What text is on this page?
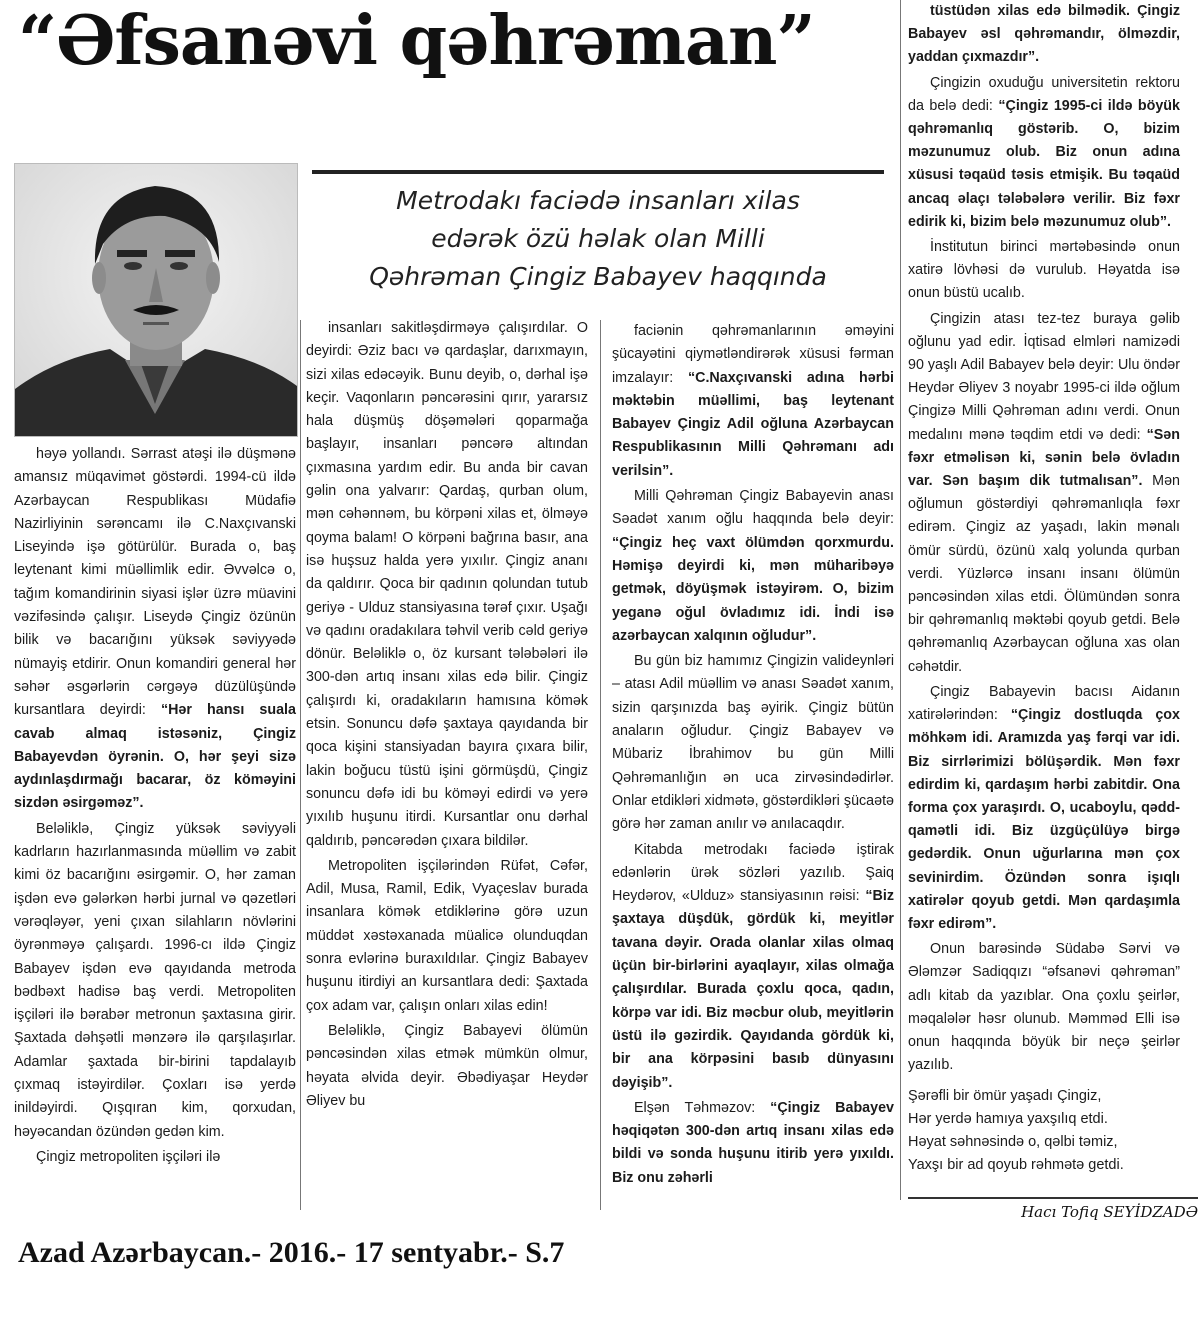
“Əfsanəvi qəhrəman”
Metrodakı faciədə insanları xilas
edərək özü həlak olan Milli
Qəhrəman Çingiz Babayev haqqında

həyə yollandı. Sərrast atəşi ilə düşmənə amansız müqavimət göstərdi. 1994-cü ildə Azərbaycan Respublikası Müdafiə Nazirliyinin sərəncamı ilə C.Naxçıvanski Liseyində işə götürülür. Burada o, baş leytenant kimi müəllimlik edir. Əvvəlcə o, tağım komandirinin siyasi işlər üzrə müavini vəzifəsində çalışır. Liseydə Çingiz özünün bilik və bacarığını yüksək səviyyədə nümayiş etdirir. Onun komandiri general hər səhər əsgərlərin cərgəyə düzülüşündə kursantlara deyirdi: “Hər hansı suala cavab almaq istəsəniz, Çingiz Babayevdən öyrənin. O, hər şeyi sizə aydınlaşdırmağı bacarar, öz köməyini sizdən əsirgəməz”.

Beləliklə, Çingiz yüksək səviyyəli kadrların hazırlanmasında müəllim və zabit kimi öz bacarığını əsirgəmir. O, hər zaman işdən evə gələrkən hərbi jurnal və qəzetləri vərəqləyər, yeni çıxan silahların növlərini öyrənməyə çalışardı. 1996-cı ildə Çingiz Babayev işdən evə qayıdanda metroda bədbəxt hadisə baş verdi. Metropoliten işçiləri ilə bərabər metronun şaxtasına girir. Şaxtada dəhşətli mənzərə ilə qarşılaşırlar. Adamlar şaxtada bir-birini tapdalayıb çıxmaq istəyirdilər. Çoxları isə yerdə inildəyirdi. Qışqıran kim, qorxudan, həyəcandan özündən gedən kim.

Çingiz metropoliten işçiləri ilə

insanları sakitləşdirməyə çalışırdılar. O deyirdi: Əziz bacı və qardaşlar, darıxmayın, sizi xilas edəcəyik. Bunu deyib, o, dərhal işə keçir. Vaqonların pəncərəsini qırır, yararsız hala düşmüş döşəmələri qoparmağa başlayır, insanları pəncərə altından çıxmasına yardım edir. Bu anda bir cavan gəlin ona yalvarır: Qardaş, qurban olum, mən cəhənnəm, bu körpəni xilas et, ölməyə qoyma balam! O körpəni bağrına basır, ana isə huşsuz halda yerə yıxılır. Çingiz ananı da qaldırır. Qoca bir qadının qolundan tutub geriyə - Ulduz stansiyasına tərəf çıxır. Uşağı və qadını oradakılara təhvil verib cəld geriyə dönür. Beləliklə o, öz kursant tələbələri ilə 300-dən artıq insanı xilas edə bilir. Çingiz çalışırdı ki, oradakıların hamısına kömək etsin. Sonuncu dəfə şaxtaya qayıdanda bir qoca kişini stansiyadan bayıra çıxara bilir, lakin boğucu tüstü işini görmüşdü, Çingiz sonuncu dəfə idi bu köməyi edirdi və yerə yıxılıb huşunu itirdi. Kursantlar onu dərhal qaldırıb, pəncərədən çıxara bildilər.

Metropoliten işçilərindən Rüfət, Cəfər, Adil, Musa, Ramil, Edik, Vyaçeslav burada insanlara kömək etdiklərinə görə uzun müddət xəstəxanada müalicə olunduqdan sonra evlərinə buraxıldılar. Çingiz Babayev huşunu itirdiyi an kursantlara dedi: Şaxtada çox adam var, çalışın onları xilas edin!

Beləliklə, Çingiz Babayevi ölümün pəncəsindən xilas etmək mümkün olmur, həyata əlvida deyir. Əbədiyaşar Heydər Əliyev bu

faciənin qəhrəmanlarının əməyini şücayətini qiymətləndirərək xüsusi fərman imzalayır: “C.Naxçıvanski adına hərbi məktəbin müəllimi, baş leytenant Babayev Çingiz Adil oğluna Azərbaycan Respublikasının Milli Qəhrəmanı adı verilsin”.

Milli Qəhrəman Çingiz Babayevin anası Səadət xanım oğlu haqqında belə deyir: “Çingiz heç vaxt ölümdən qorxmurdu. Həmişə deyirdi ki, mən müharibəyə getmək, döyüşmək istəyirəm. O, bizim yeganə oğul övladımız idi. İndi isə azərbaycan xalqının oğludur”.

Bu gün biz hamımız Çingizin valideynləri – atası Adil müəllim və anası Səadət xanım, sizin qarşınızda baş əyirik. Çingiz bütün anaların oğludur. Çingiz Babayev və Mübariz İbrahimov bu gün Milli Qəhrəmanlığın ən uca zirvəsindədirlər. Onlar etdikləri xidmətə, göstərdikləri şücaətə görə hər zaman anılır və anılacaqdır.

Kitabda metrodakı faciədə iştirak edənlərin ürək sözləri yazılıb. Şaiq Heydərov, «Ulduz» stansiyasının rəisi: “Biz şaxtaya düşdük, gördük ki, meyitlər tavana dəyir. Orada olanlar xilas olmaq üçün bir-birlərini ayaqlayır, xilas olmağa çalışırdılar. Burada çoxlu qoca, qadın, körpə var idi. Biz məcbur olub, meyitlərin üstü ilə gəzirdik. Qayıdanda gördük ki, bir ana körpəsini basıb dünyasını dəyişib”.

Elşən Təhməzov: “Çingiz Babayev həqiqətən 300-dən artıq insanı xilas edə bildi və sonda huşunu itirib yerə yıxıldı. Biz onu zəhərli

tüstüdən xilas edə bilmədik. Çingiz Babayev əsl qəhrəmandır, ölməzdir, yaddan çıxmazdır”.

Çingizin oxuduğu universitetin rektoru da belə dedi: “Çingiz 1995-ci ildə böyük qəhrəmanlıq göstərib. O, bizim məzunumuz olub. Biz onun adına xüsusi təqaüd təsis etmişik. Bu təqaüd ancaq əlaçı tələbələrə verilir. Biz fəxr edirik ki, bizim belə məzunumuz olub”.

İnstitutun birinci mərtəbəsində onun xatirə lövhəsi də vurulub. Həyatda isə onun büstü ucalıb.

Çingizin atası tez-tez buraya gəlib oğlunu yad edir. İqtisad elmləri namizədi 90 yaşlı Adil Babayev belə deyir: Ulu öndər Heydər Əliyev 3 noyabr 1995-ci ildə oğlum Çingizə Milli Qəhrəman adını verdi. Onun medalını mənə təqdim etdi və dedi: “Sən fəxr etməlisən ki, sənin belə övladın var. Sən başım dik tutmalısan”. Mən oğlumun göstərdiyi qəhrəmanlıqla fəxr edirəm. Çingiz az yaşadı, lakin mənalı ömür sürdü, özünü xalq yolunda qurban verdi. Yüzlərcə insanı insanı ölümün pəncəsindən xilas etdi. Ölümündən sonra bir qəhrəmanlıq məktəbi qoyub getdi. Belə qəhrəmanlıq Azərbaycan oğluna xas olan cəhətdir.

Çingiz Babayevin bacısı Aidanın xatirələrindən: “Çingiz dostluqda çox möhkəm idi. Aramızda yaş fərqi var idi. Biz sirrlərimizi bölüşərdik. Mən fəxr edirdim ki, qardaşım hərbi zabitdir. Ona forma çox yaraşırdı. O, ucaboylu, qədd-qamətli idi. Biz üzgüçülüyə birgə gedərdik. Onun uğurlarına mən çox sevinirdim. Özündən sonra işıqlı xatirələr qoyub getdi. Mən qardaşımla fəxr edirəm”.

Onun barəsində Südabə Sərvi və Ələmzər Sadiqqızı “əfsanəvi qəhrəman” adlı kitab da yazıblar. Ona çoxlu şeirlər, məqalələr həsr olunub. Məmməd Elli isə onun haqqında böyük bir neçə şeirlər yazılıb.

Şərəfli bir ömür yaşadı Çingiz,
Hər yerdə hamıya yaxşılıq etdi.
Həyat səhnəsində o, qəlbi təmiz,
Yaxşı bir ad qoyub rəhmətə getdi.
Hacı Tofiq SEYİDZADƏ
Azad Azərbaycan.- 2016.- 17 sentyabr.- S.7
